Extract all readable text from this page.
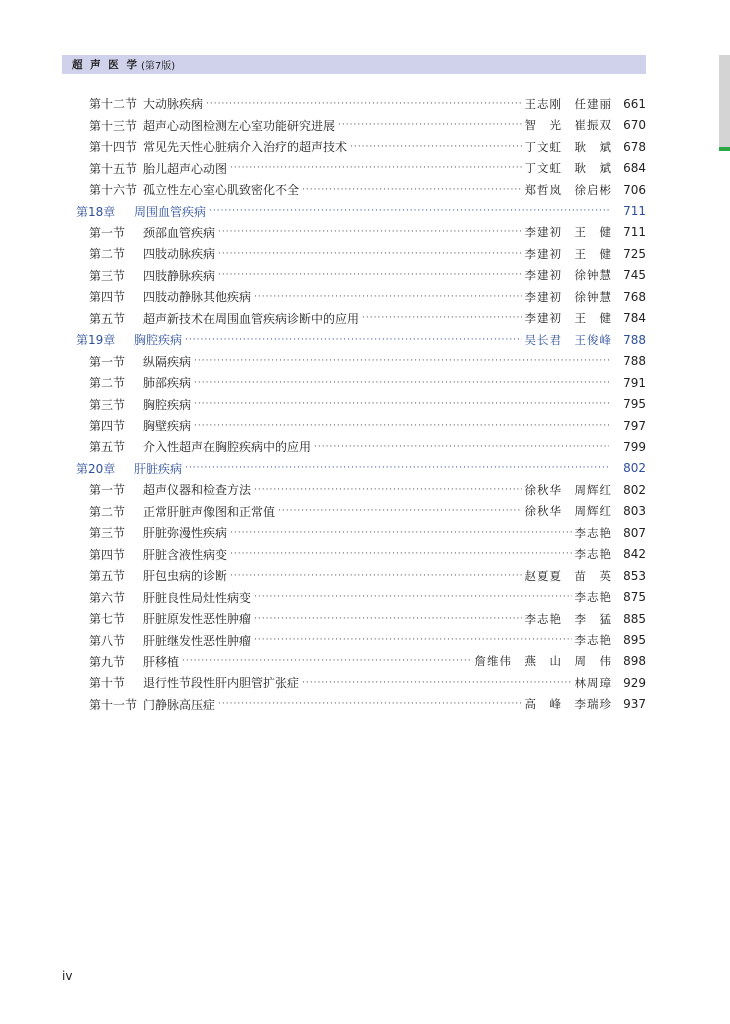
超 声 医 学 (第7版)
第十二节 大动脉疾病 ·····	王志刚　任建丽 661
第十三节 超声心动图检测左心室功能研究进展 ·····	智　光　崔振双 670
第十四节 常见先天性心脏病介入治疗的超声技术 ·····	丁文虹　耿　斌 678
第十五节 胎儿超声心动图 ·····	丁文虹　耿　斌 684
第十六节 孤立性左心室心肌致密化不全 ·····	郑哲岚　徐启彬 706
第18章	周围血管疾病 ·····	711
第一节	颈部血管疾病 ·····	李建初　王　健 711
第二节	四肢动脉疾病 ·····	李建初　王　健 725
第三节	四肢静脉疾病 ·····	李建初　徐钟慧 745
第四节	四肢动静脉其他疾病 ·····	李建初　徐钟慧 768
第五节	超声新技术在周围血管疾病诊断中的应用 ·····	李建初　王　健 784
第19章	胸腔疾病 ·····	吴长君　王俊峰 788
第一节	纵隔疾病 ·····	788
第二节	肺部疾病 ·····	791
第三节	胸腔疾病 ·····	795
第四节	胸壁疾病 ·····	797
第五节	介入性超声在胸腔疾病中的应用 ·····	799
第20章	肝脏疾病 ·····	802
第一节	超声仪器和检查方法 ·····	徐秋华　周辉红 802
第二节	正常肝脏声像图和正常值 ·····	徐秋华　周辉红 803
第三节	肝脏弥漫性疾病 ·····	李志艳 807
第四节	肝脏含液性病变 ·····	李志艳 842
第五节	肝包虫病的诊断 ·····	赵夏夏　苗　英 853
第六节	肝脏良性局灶性病变 ·····	李志艳 875
第七节	肝脏原发性恶性肿瘤 ·····	李志艳　李　猛 885
第八节	肝脏继发性恶性肿瘤 ·····	李志艳 895
第九节	肝移植 ·····	詹维伟　燕　山　周　伟 898
第十节	退行性节段性肝内胆管扩张症 ·····	林周璋 929
第十一节 门静脉高压症 ·····	高　峰　李瑞珍 937
iv
